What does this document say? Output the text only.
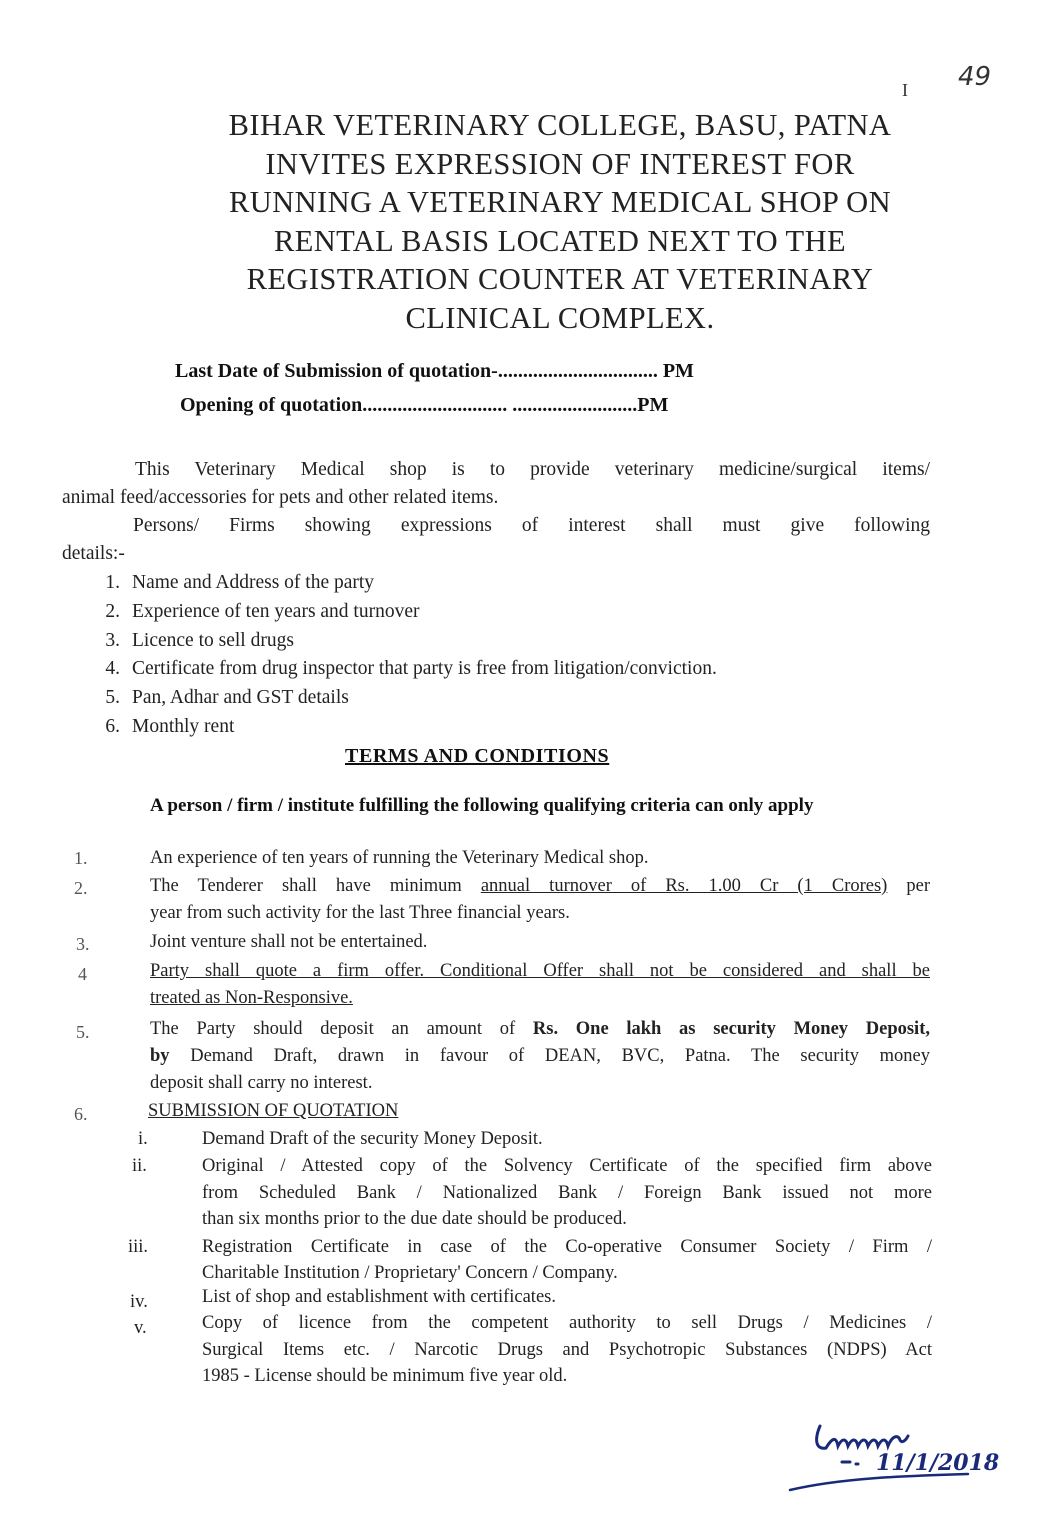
49
I
BIHAR VETERINARY COLLEGE, BASU, PATNA
INVITES EXPRESSION OF INTEREST FOR
RUNNING A VETERINARY MEDICAL SHOP ON
RENTAL BASIS LOCATED NEXT TO THE
REGISTRATION COUNTER AT VETERINARY
CLINICAL COMPLEX.
Last Date of Submission of quotation-................................ PM
Opening of quotation............................. .........................PM
This Veterinary Medical shop is to provide veterinary medicine/surgical items/
animal feed/accessories for pets and other related items.
Persons/ Firms showing expressions of interest shall must give following
details:-
1. Name and Address of the party
2. Experience of ten years and turnover
3. Licence to sell drugs
4. Certificate from drug inspector that party is free from litigation/conviction.
5. Pan, Adhar and GST details
6. Monthly rent
TERMS AND CONDITIONS
A person / firm / institute fulfilling the following qualifying criteria can only apply
1.	An experience of ten years of running the Veterinary Medical shop.
2.	The Tenderer shall have minimum annual turnover of Rs. 1.00 Cr (1 Crores) per
year from such activity for the last Three financial years.
3.	Joint venture shall not be entertained.
4	Party shall quote a firm offer. Conditional Offer shall not be considered and shall be
treated as Non-Responsive.
5.	The Party should deposit an amount of Rs. One lakh as security Money Deposit,
by Demand Draft, drawn in favour of DEAN, BVC, Patna. The security money
deposit shall carry no interest.
6.	SUBMISSION OF QUOTATION
i.	Demand Draft of the security Money Deposit.
ii.	Original / Attested copy of the Solvency Certificate of the specified firm above
from Scheduled Bank / Nationalized Bank / Foreign Bank issued not more
than six months prior to the due date should be produced.
iii.	Registration Certificate in case of the Co-operative Consumer Society / Firm /
Charitable Institution / Proprietary' Concern / Company.
iv.	List of shop and establishment with certificates.
v.	Copy of licence from the competent authority to sell Drugs / Medicines /
Surgical Items etc. / Narcotic Drugs and Psychotropic Substances (NDPS) Act
1985 - License should be minimum five year old.
11/1/2018
